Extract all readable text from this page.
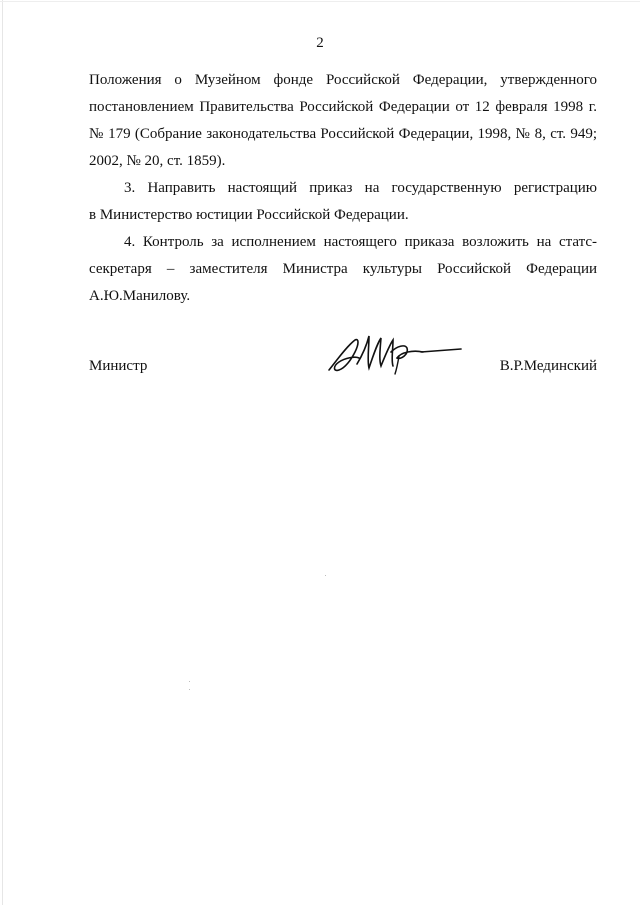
2

Положения о Музейном фонде Российской Федерации, утвержденного
постановлением Правительства Российской Федерации от 12 февраля 1998 г.
№ 179 (Собрание законодательства Российской Федерации, 1998, № 8, ст. 949;
2002, № 20, ст. 1859).

3. Направить настоящий приказ на государственную регистрацию
в Министерство юстиции Российской Федерации.

4. Контроль за исполнением настоящего приказа возложить на статс-
секретаря – заместителя Министра культуры Российской Федерации
А.Ю.Манилову.

Министр	В.Р.Мединский
